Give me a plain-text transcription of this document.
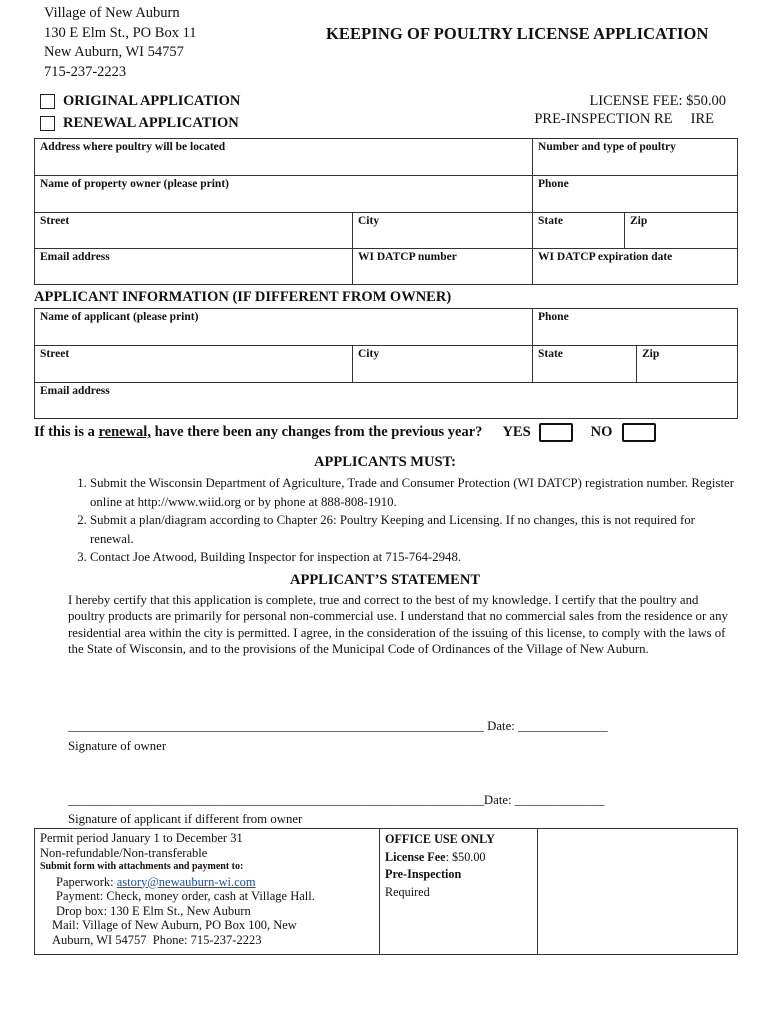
Village of New Auburn
130 E Elm St., PO Box 11
New Auburn, WI 54757
715-237-2223
KEEPING OF POULTRY LICENSE APPLICATION
ORIGINAL APPLICATION
RENEWAL APPLICATION
LICENSE FEE: $50.00
PRE-INSPECTION RE     IRE
Address where poultry will be located		Number and type of poultry	
Name of property owner (please print)		Phone	
Street	City	State	Zip
Email address	WI DATCP number	WI DATCP expiration date	
APPLICANT INFORMATION (IF DIFFERENT FROM OWNER)
Name of applicant (please print)		Phone	
Street	City	State	Zip
Email address			
If this is a renewal, have there been any changes from the previous year? YES	NO
APPLICANTS MUST:
1. Submit the Wisconsin Department of Agriculture, Trade and Consumer Protection (WI DATCP) registration number. Register online at http://www.wiid.org or by phone at 888-808-1910.
2. Submit a plan/diagram according to Chapter 26: Poultry Keeping and Licensing. If no changes, this is not required for renewal.
3. Contact Joe Atwood, Building Inspector for inspection at 715-764-2948.
APPLICANT’S STATEMENT
I hereby certify that this application is complete, true and correct to the best of my knowledge. I certify that the poultry and poultry products are primarily for personal non-commercial use. I understand that no commercial sales from the residence or any residential area within the city is permitted. I agree, in the consideration of the issuing of this license, to comply with the laws of the State of Wisconsin, and to the provisions of the Municipal Code of Ordinances of the Village of New Auburn.
_________________________________________________________________ Date: ______________
Signature of owner
_________________________________________________________________Date: ______________
Signature of applicant if different from owner
Permit period January 1 to December 31
Non-refundable/Non-transferable
Submit form with attachments and payment to:
Paperwork: astory@newauburn-wi.com
Payment: Check, money order, cash at Village Hall.
Drop box: 130 E Elm St., New Auburn
Mail: Village of New Auburn, PO Box 100, New
Auburn, WI 54757  Phone: 715-237-2223

OFFICE USE ONLY
License Fee: $50.00
Pre-Inspection
Required
